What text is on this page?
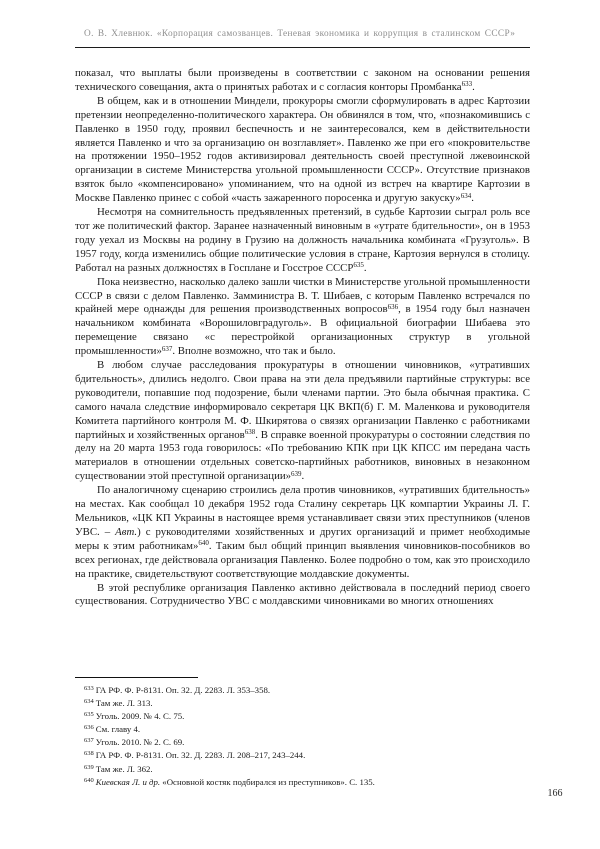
О. В. Хлевнюк. «Корпорация самозванцев. Теневая экономика и коррупция в сталинском СССР»

показал, что выплаты были произведены в соответствии с законом на основании решения технического совещания, акта о принятых работах и с согласия конторы Промбанка$^{633}$.

В общем, как и в отношении Миндели, прокуроры смогли сформулировать в адрес Картозии претензии неопределенно-политического характера. Он обвинялся в том, что, «познакомившись с Павленко в 1950 году, проявил беспечность и не заинтересовался, кем в действительности является Павленко и что за организацию он возглавляет». Павленко же при его «покровительстве на протяжении 1950–1952 годов активизировал деятельность своей преступной лжевоинской организации в системе Министерства угольной промышленности СССР». Отсутствие признаков взяток было «компенсировано» упоминанием, что на одной из встреч на квартире Картозии в Москве Павленко принес с собой «часть зажаренного поросенка и другую закуску»$^{634}$.

Несмотря на сомнительность предъявленных претензий, в судьбе Картозии сыграл роль все тот же политический фактор. Заранее назначенный виновным в «утрате бдительности», он в 1953 году уехал из Москвы на родину в Грузию на должность начальника комбината «Грузуголь». В 1957 году, когда изменились общие политические условия в стране, Картозия вернулся в столицу. Работал на разных должностях в Госплане и Госстрое СССР$^{635}$.

Пока неизвестно, насколько далеко зашли чистки в Министерстве угольной промышленности СССР в связи с делом Павленко. Замминистра В. Т. Шибаев, с которым Павленко встречался по крайней мере однажды для решения производственных вопросов$^{636}$, в 1954 году был назначен начальником комбината «Ворошиловградуголь». В официальной биографии Шибаева это перемещение связано «с перестройкой организационных структур в угольной промышленности»$^{637}$. Вполне возможно, что так и было.

В любом случае расследования прокуратуры в отношении чиновников, «утративших бдительность», длились недолго. Свои права на эти дела предъявили партийные структуры: все руководители, попавшие под подозрение, были членами партии. Это была обычная практика. С самого начала следствие информировало секретаря ЦК ВКП(б) Г. М. Маленкова и руководителя Комитета партийного контроля М. Ф. Шкирятова о связях организации Павленко с работниками партийных и хозяйственных органов$^{638}$. В справке военной прокуратуры о состоянии следствия по делу на 20 марта 1953 года говорилось: «По требованию КПК при ЦК КПСС им передана часть материалов в отношении отдельных советско-партийных работников, виновных в незаконном существовании этой преступной организации»$^{639}$.

По аналогичному сценарию строились дела против чиновников, «утративших бдительность» на местах. Как сообщал 10 декабря 1952 года Сталину секретарь ЦК компартии Украины Л. Г. Мельников, «ЦК КП Украины в настоящее время устанавливает связи этих преступников (членов УВС. – Авт.) с руководителями хозяйственных и других организаций и примет необходимые меры к этим работникам»$^{640}$. Таким был общий принцип выявления чиновников-пособников во всех регионах, где действовала организация Павленко. Более подробно о том, как это происходило на практике, свидетельствуют соответствующие молдавские документы.

В этой республике организация Павленко активно действовала в последний период своего существования. Сотрудничество УВС с молдавскими чиновниками во многих отношениях

$^{633}$ ГА РФ. Ф. Р-8131. Оп. 32. Д. 2283. Л. 353–358.

$^{634}$ Там же. Л. 313.

$^{635}$ Уголь. 2009. № 4. С. 75.

$^{636}$ См. главу 4.

$^{637}$ Уголь. 2010. № 2. С. 69.

$^{638}$ ГА РФ. Ф. Р-8131. Оп. 32. Д. 2283. Л. 208–217, 243–244.

$^{639}$ Там же. Л. 362.

$^{640}$ Киевская Л. и др. «Основной костяк подбирался из преступников». С. 135.

166
